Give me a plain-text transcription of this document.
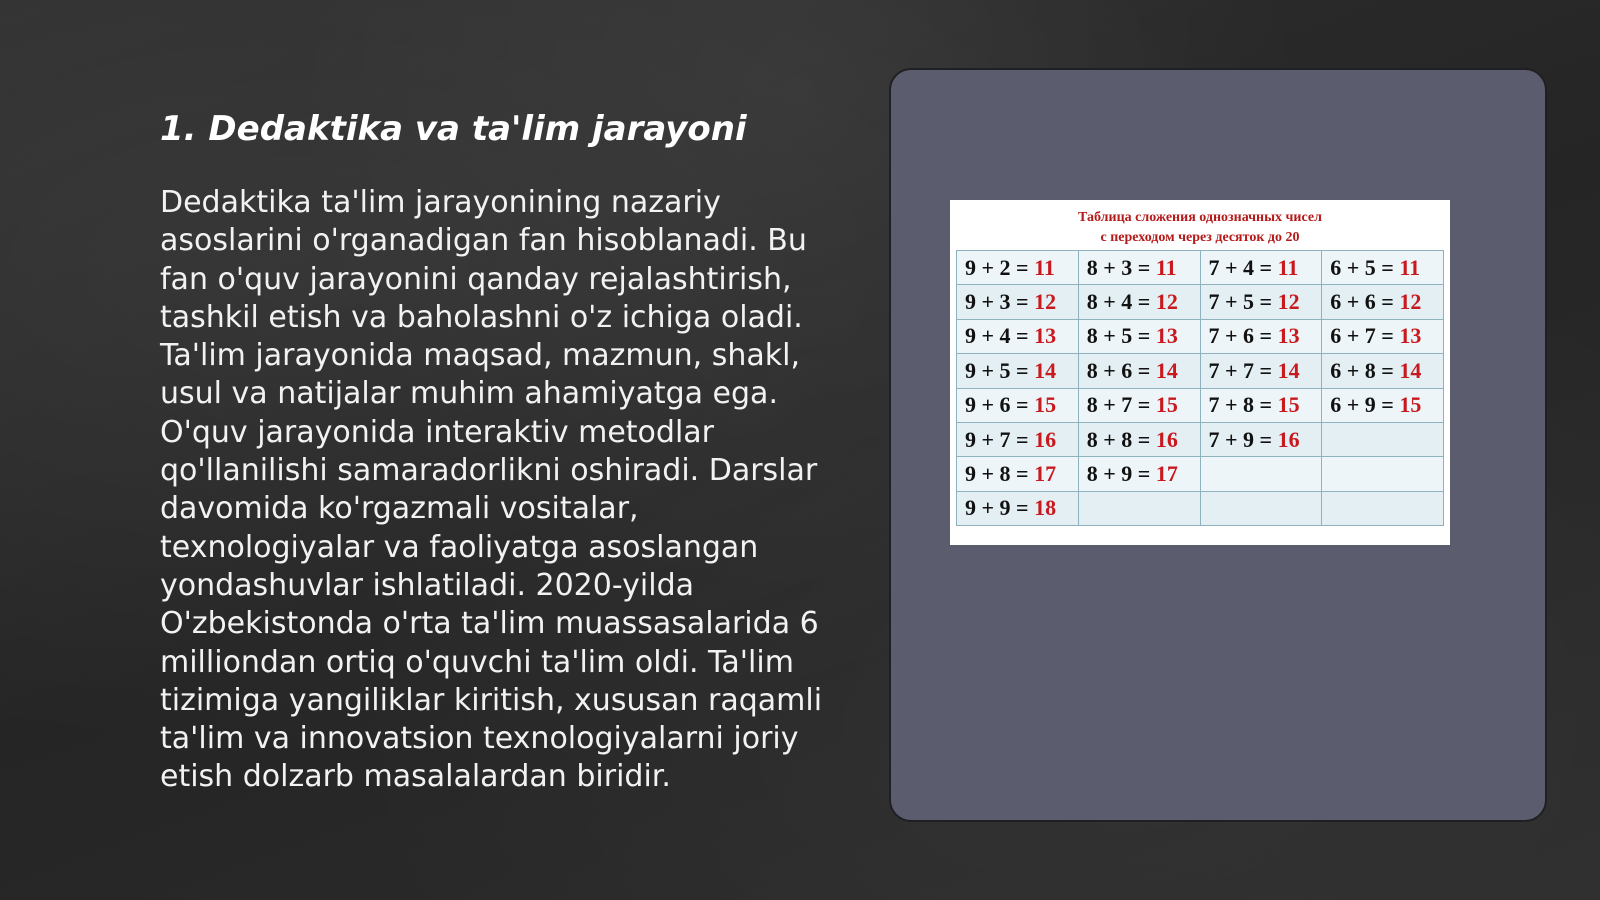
1. Dedaktika va ta'lim jarayoni

Dedaktika ta'lim jarayonining nazariy asoslarini o'rganadigan fan hisoblanadi. Bu fan o'quv jarayonini qanday rejalashtirish, tashkil etish va baholashni o'z ichiga oladi. Ta'lim jarayonida maqsad, mazmun, shakl, usul va natijalar muhim ahamiyatga ega. O'quv jarayonida interaktiv metodlar qo'llanilishi samaradorlikni oshiradi. Darslar davomida ko'rgazmali vositalar, texnologiyalar va faoliyatga asoslangan yondashuvlar ishlatiladi. 2020-yilda O'zbekistonda o'rta ta'lim muassasalarida 6 milliondan ortiq o'quvchi ta'lim oldi. Ta'lim tizimiga yangiliklar kiritish, xususan raqamli ta'lim va innovatsion texnologiyalarni joriy etish dolzarb masalalardan biridir.

Таблица сложения однозначных чисел
с переходом через десяток до 20
9 + 2 = 11	8 + 3 = 11	7 + 4 = 11	6 + 5 = 11
9 + 3 = 12	8 + 4 = 12	7 + 5 = 12	6 + 6 = 12
9 + 4 = 13	8 + 5 = 13	7 + 6 = 13	6 + 7 = 13
9 + 5 = 14	8 + 6 = 14	7 + 7 = 14	6 + 8 = 14
9 + 6 = 15	8 + 7 = 15	7 + 8 = 15	6 + 9 = 15
9 + 7 = 16	8 + 8 = 16	7 + 9 = 16	
9 + 8 = 17	8 + 9 = 17		
9 + 9 = 18			
